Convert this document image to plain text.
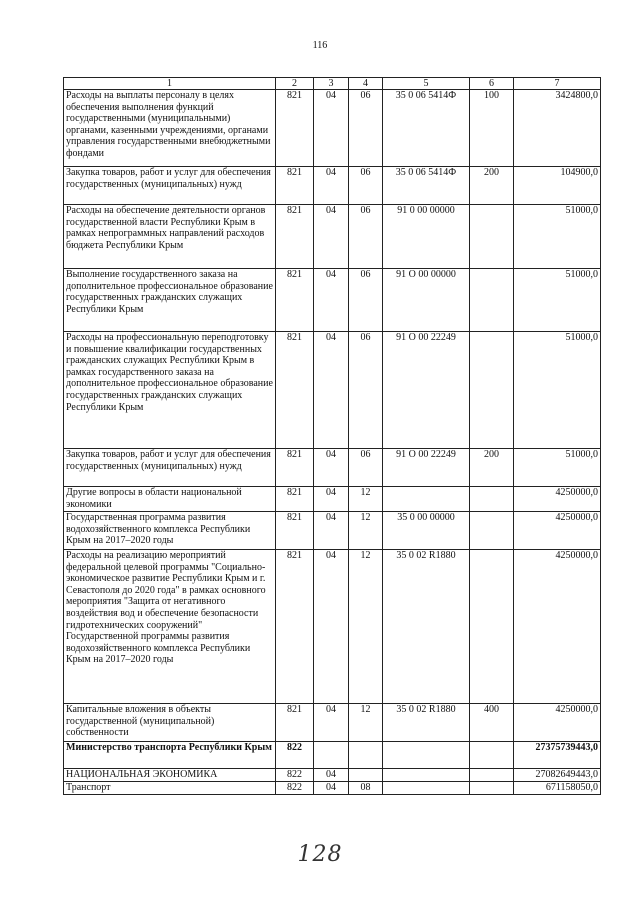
116
1	2	3	4	5	6	7
Расходы на выплаты персоналу в целях обеспечения выполнения функций государственными (муниципальными) органами, казенными учреждениями, органами управления государственными внебюджетными фондами	821	04	06	35 0 06 5414Ф	100	3424800,0
Закупка товаров, работ и услуг для обеспечения государственных (муниципальных) нужд	821	04	06	35 0 06 5414Ф	200	104900,0
Расходы на обеспечение деятельности органов государственной власти Республики Крым в рамках непрограммных направлений расходов бюджета Республики Крым	821	04	06	91 0 00 00000		51000,0
Выполнение государственного заказа на дополнительное профессиональное образование государственных гражданских служащих Республики Крым	821	04	06	91 О 00 00000		51000,0
Расходы на профессиональную переподготовку и повышение квалификации государственных гражданских служащих Республики Крым в рамках государственного заказа на дополнительное профессиональное образование государственных гражданских служащих Республики Крым	821	04	06	91 О 00 22249		51000,0
Закупка товаров, работ и услуг для обеспечения государственных (муниципальных) нужд	821	04	06	91 О 00 22249	200	51000,0
Другие вопросы в области национальной экономики	821	04	12			4250000,0
Государственная программа развития водохозяйственного комплекса Республики Крым на 2017–2020 годы	821	04	12	35 0 00 00000		4250000,0
Расходы на реализацию мероприятий федеральной целевой программы "Социально-экономическое развитие Республики Крым и г. Севастополя до 2020 года" в рамках основного мероприятия "Защита от негативного воздействия вод и обеспечение безопасности гидротехнических сооружений" Государственной программы развития водохозяйственного комплекса Республики Крым на 2017–2020 годы	821	04	12	35 0 02 R1880		4250000,0
Капитальные вложения в объекты государственной (муниципальной) собственности	821	04	12	35 0 02 R1880	400	4250000,0
Министерство транспорта Республики Крым	822					27375739443,0
НАЦИОНАЛЬНАЯ ЭКОНОМИКА	822	04				27082649443,0
Транспорт	822	04	08			671158050,0
128
